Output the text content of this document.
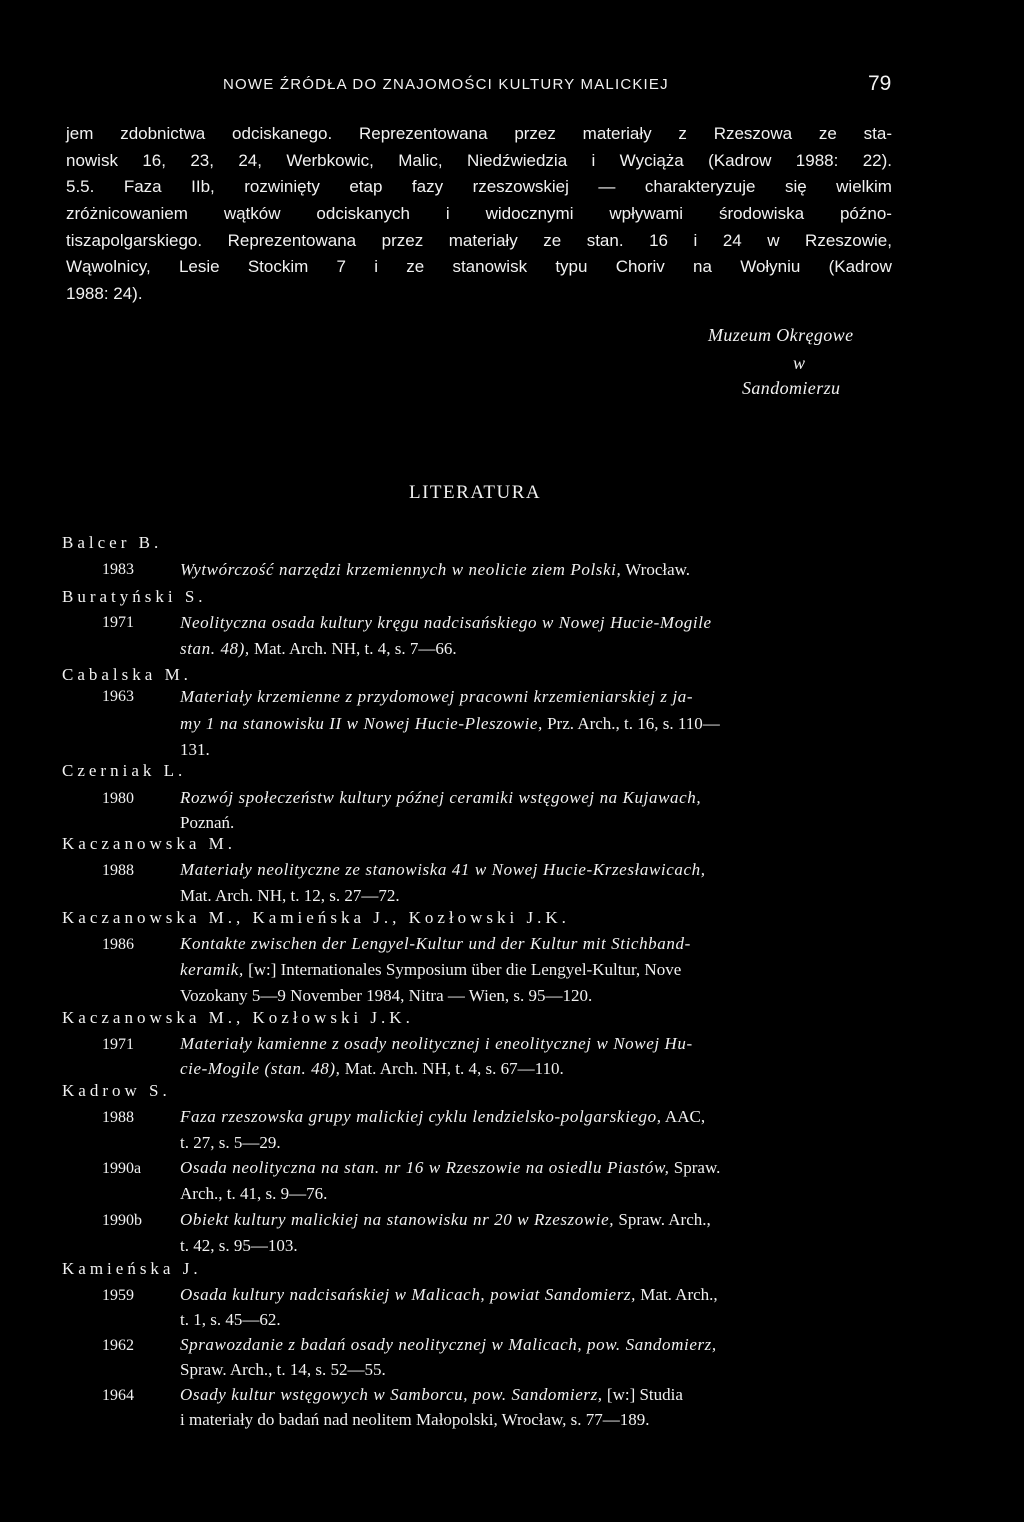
NOWE ŹRÓDŁA DO ZNAJOMOŚCI KULTURY MALICKIEJ	79
jem zdobnictwa odciskanego. Reprezentowana przez materiały z Rzeszowa ze sta-
nowisk 16, 23, 24, Werbkowic, Malic, Niedźwiedzia i Wyciąża (Kadrow 1988: 22).
5.5. Faza IIb, rozwinięty etap fazy rzeszowskiej — charakteryzuje się wielkim
zróżnicowaniem wątków odciskanych i widocznymi wpływami środowiska późno-
tiszapolgarskiego. Reprezentowana przez materiały ze stan. 16 i 24 w Rzeszowie,
Wąwolnicy, Lesie Stockim 7 i ze stanowisk typu Choriv na Wołyniu (Kadrow
1988: 24).
Muzeum Okręgowe
w
Sandomierzu
LITERATURA
Balcer B.
1983	Wytwórczość narzędzi krzemiennych w neolicie ziem Polski, Wrocław.
Buratyński S.
1971	Neolityczna osada kultury kręgu nadcisańskiego w Nowej Hucie-Mogile
stan. 48), Mat. Arch. NH, t. 4, s. 7—66.
Cabalska M.
1963	Materiały krzemienne z przydomowej pracowni krzemieniarskiej z ja-
my 1 na stanowisku II w Nowej Hucie-Pleszowie, Prz. Arch., t. 16, s. 110—
131.
Czerniak L.
1980	Rozwój społeczeństw kultury późnej ceramiki wstęgowej na Kujawach,
Poznań.
Kaczanowska M.
1988	Materiały neolityczne ze stanowiska 41 w Nowej Hucie-Krzesławicach,
Mat. Arch. NH, t. 12, s. 27—72.
Kaczanowska M., Kamieńska J., Kozłowski J.K.
1986	Kontakte zwischen der Lengyel-Kultur und der Kultur mit Stichband-
keramik, [w:] Internationales Symposium über die Lengyel-Kultur, Nove
Vozokany 5—9 November 1984, Nitra — Wien, s. 95—120.
Kaczanowska M., Kozłowski J.K.
1971	Materiały kamienne z osady neolitycznej i eneolitycznej w Nowej Hu-
cie-Mogile (stan. 48), Mat. Arch. NH, t. 4, s. 67—110.
Kadrow S.
1988	Faza rzeszowska grupy malickiej cyklu lendzielsko-polgarskiego, AAC,
t. 27, s. 5—29.
1990a Osada neolityczna na stan. nr 16 w Rzeszowie na osiedlu Piastów, Spraw.
Arch., t. 41, s. 9—76.
1990b Obiekt kultury malickiej na stanowisku nr 20 w Rzeszowie, Spraw. Arch.,
t. 42, s. 95—103.
Kamieńska J.
1959	Osada kultury nadcisańskiej w Malicach, powiat Sandomierz, Mat. Arch.,
t. 1, s. 45—62.
1962	Sprawozdanie z badań osady neolitycznej w Malicach, pow. Sandomierz,
Spraw. Arch., t. 14, s. 52—55.
1964	Osady kultur wstęgowych w Samborcu, pow. Sandomierz, [w:] Studia
i materiały do badań nad neolitem Małopolski, Wrocław, s. 77—189.
